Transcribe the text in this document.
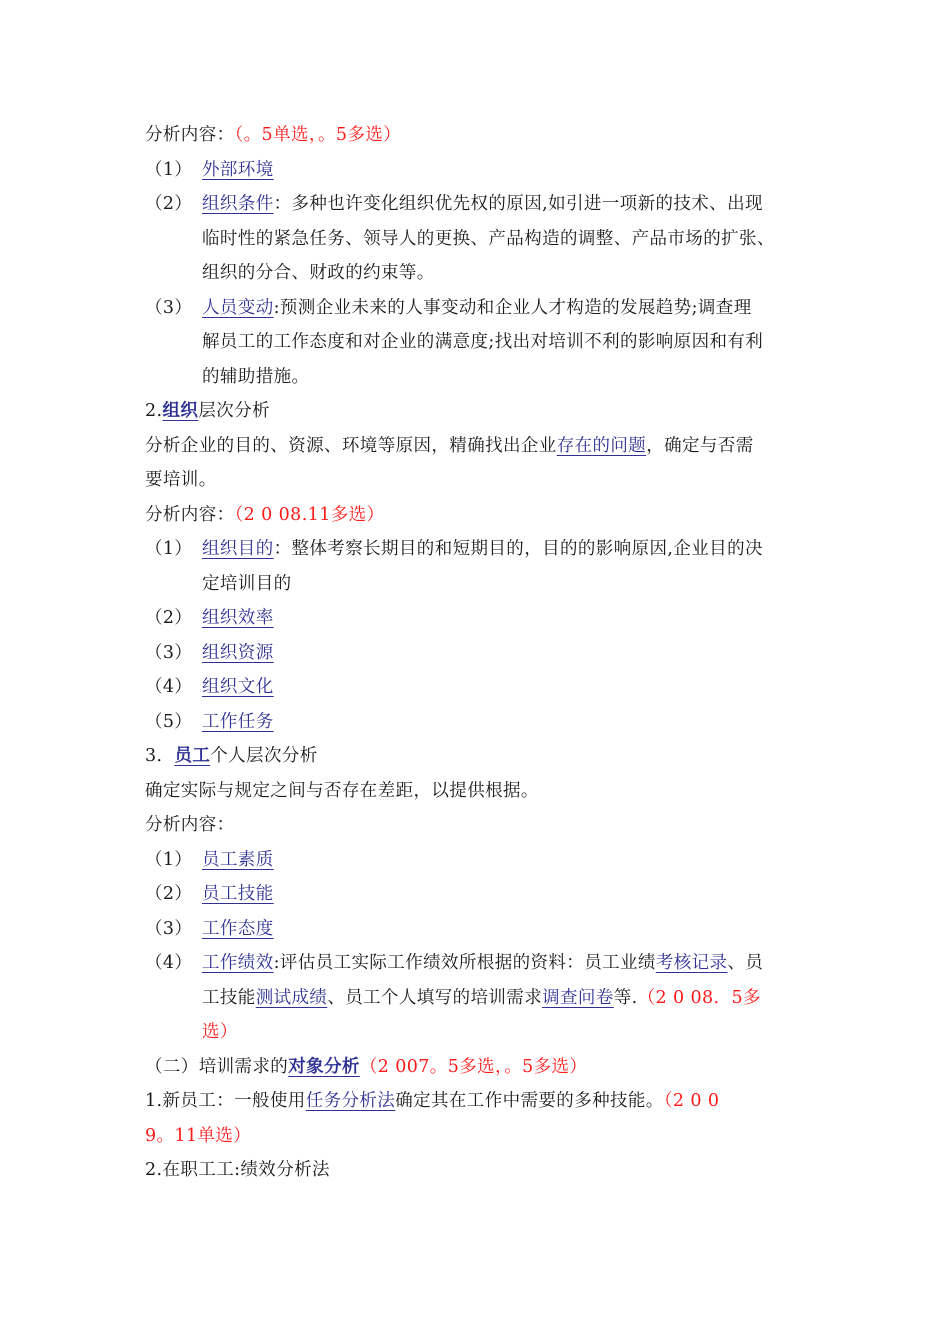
分析内容：（。5单选，。5多选）
（1） 外部环境
（2） 组织条件：多种也许变化组织优先权的原因,如引进一项新的技术、出现
临时性的紧急任务、领导人的更换、产品构造的调整、产品市场的扩张、
组织的分合、财政的约束等。
（3） 人员变动:预测企业未来的人事变动和企业人才构造的发展趋势;调查理
解员工的工作态度和对企业的满意度;找出对培训不利的影响原因和有利
的辅助措施。
2.组织层次分析
分析企业的目的、资源、环境等原因，精确找出企业存在的问题，确定与否需
要培训。
分析内容：（2 0 08.11多选）
（1） 组织目的：整体考察长期目的和短期目的，目的的影响原因,企业目的决
定培训目的
（2） 组织效率
（3） 组织资源
（4） 组织文化
（5） 工作任务
3．员工个人层次分析
确定实际与规定之间与否存在差距，以提供根据。
分析内容：
（1） 员工素质
（2） 员工技能
（3） 工作态度
（4） 工作绩效:评估员工实际工作绩效所根据的资料：员工业绩考核记录、员
工技能测试成绩、员工个人填写的培训需求调查问卷等.（2 0 08．5多
选）
（二）培训需求的对象分析（2 007。5多选，。5多选）
1.新员工：一般使用任务分析法确定其在工作中需要的多种技能。（2 0 0
9。11单选）
2.在职工工:绩效分析法
